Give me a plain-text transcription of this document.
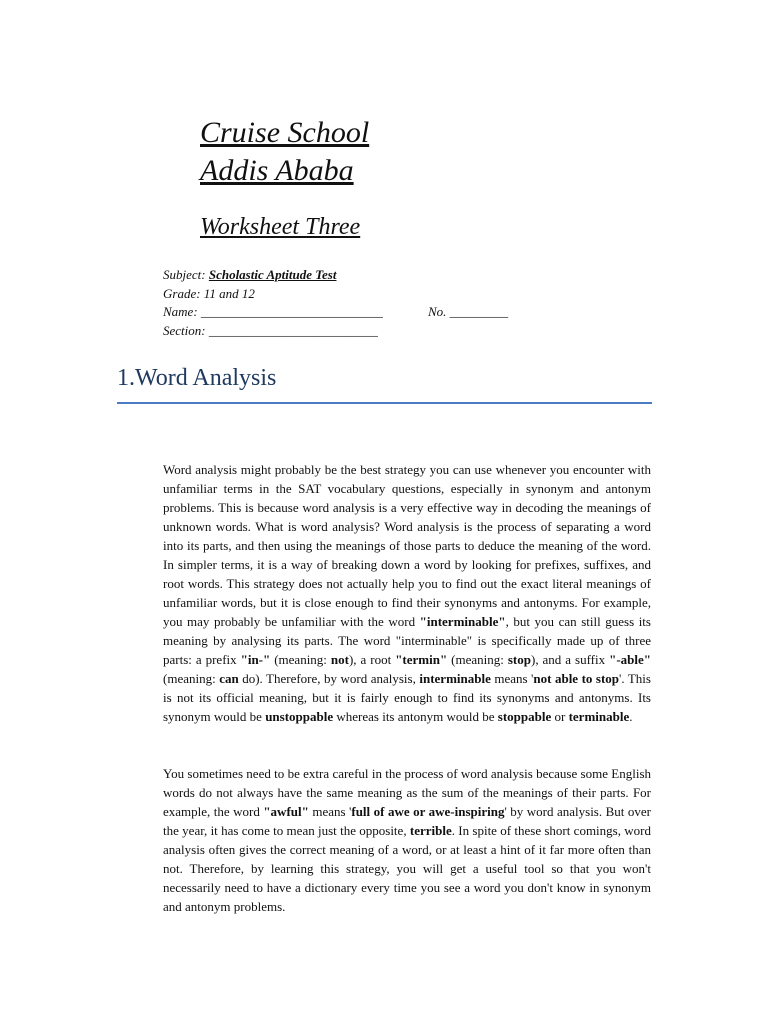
Cruise School
Addis Ababa
Worksheet Three
Subject: Scholastic Aptitude Test
Grade: 11 and 12
Name: ____________________________	No. _________
Section: __________________________
1.Word Analysis

Word analysis might probably be the best strategy you can use whenever you encounter with unfamiliar terms in the SAT vocabulary questions, especially in synonym and antonym problems. This is because word analysis is a very effective way in decoding the meanings of unknown words. What is word analysis? Word analysis is the process of separating a word into its parts, and then using the meanings of those parts to deduce the meaning of the word. In simpler terms, it is a way of breaking down a word by looking for prefixes, suffixes, and root words. This strategy does not actually help you to find out the exact literal meanings of unfamiliar words, but it is close enough to find their synonyms and antonyms. For example, you may probably be unfamiliar with the word "interminable", but you can still guess its meaning by analysing its parts. The word "interminable" is specifically made up of three parts: a prefix "in-" (meaning: not), a root "termin" (meaning: stop), and a suffix "-able" (meaning: can do). Therefore, by word analysis, interminable means 'not able to stop'. This is not its official meaning, but it is fairly enough to find its synonyms and antonyms. Its synonym would be unstoppable whereas its antonym would be stoppable or terminable.

You sometimes need to be extra careful in the process of word analysis because some English words do not always have the same meaning as the sum of the meanings of their parts. For example, the word "awful" means 'full of awe or awe-inspiring' by word analysis. But over the year, it has come to mean just the opposite, terrible. In spite of these short comings, word analysis often gives the correct meaning of a word, or at least a hint of it far more often than not. Therefore, by learning this strategy, you will get a useful tool so that you won't necessarily need to have a dictionary every time you see a word you don't know in synonym and antonym problems.
